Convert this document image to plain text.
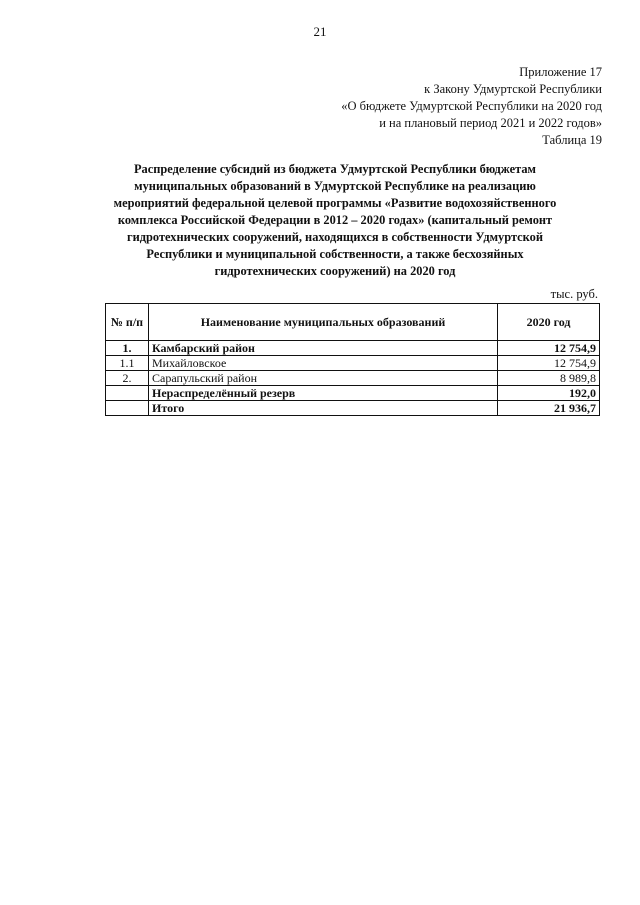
21
Приложение 17
к Закону Удмуртской Республики
«О бюджете Удмуртской Республики на 2020 год
и на плановый период 2021 и 2022 годов»
Таблица 19
Распределение субсидий из бюджета Удмуртской Республики бюджетам муниципальных образований в Удмуртской Республике на реализацию мероприятий федеральной целевой программы «Развитие водохозяйственного комплекса Российской Федерации в 2012 – 2020 годах» (капитальный ремонт гидротехнических сооружений, находящихся в собственности Удмуртской Республики и муниципальной собственности, а также бесхозяйных гидротехнических сооружений) на 2020 год
тыс. руб.
№ п/п	Наименование муниципальных образований	2020 год
1.	Камбарский район	12 754,9
1.1	Михайловское	12 754,9
2.	Сарапульский район	8 989,8
	Нераспределённый резерв	192,0
	Итого	21 936,7
